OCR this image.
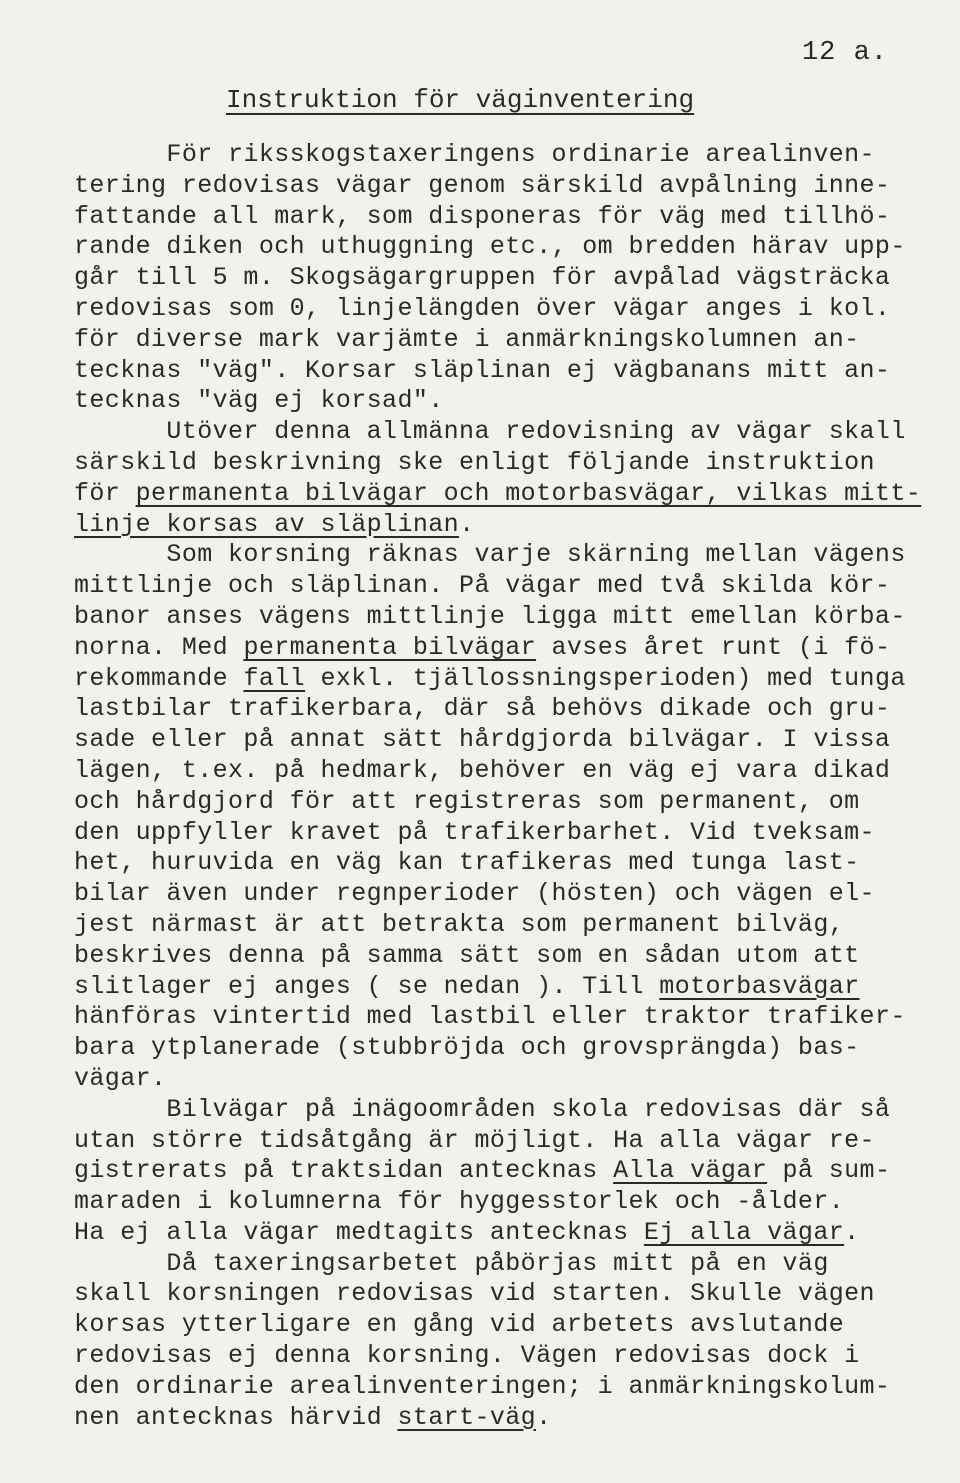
12 a.
Instruktion för väginventering
För riksskogstaxeringens ordinarie arealinven-
tering redovisas vägar genom särskild avpålning inne-
fattande all mark, som disponeras för väg med tillhö-
rande diken och uthuggning etc., om bredden härav upp-
går till 5 m. Skogsägargruppen för avpålad vägsträcka
redovisas som 0, linjelängden över vägar anges i kol.
för diverse mark varjämte i anmärkningskolumnen an-
tecknas "väg". Korsar släplinan ej vägbanans mitt an-
tecknas "väg ej korsad".
Utöver denna allmänna redovisning av vägar skall
särskild beskrivning ske enligt följande instruktion
för permanenta bilvägar och motorbasvägar, vilkas mitt-
linje korsas av släplinan.
Som korsning räknas varje skärning mellan vägens
mittlinje och släplinan. På vägar med två skilda kör-
banor anses vägens mittlinje ligga mitt emellan körba-
norna. Med permanenta bilvägar avses året runt (i fö-
rekommande fall exkl. tjällossningsperioden) med tunga
lastbilar trafikerbara, där så behövs dikade och gru-
sade eller på annat sätt hårdgjorda bilvägar. I vissa
lägen, t.ex. på hedmark, behöver en väg ej vara dikad
och hårdgjord för att registreras som permanent, om
den uppfyller kravet på trafikerbarhet. Vid tveksam-
het, huruvida en väg kan trafikeras med tunga last-
bilar även under regnperioder (hösten) och vägen el-
jest närmast är att betrakta som permanent bilväg,
beskrives denna på samma sätt som en sådan utom att
slitlager ej anges ( se nedan ). Till motorbasvägar
hänföras vintertid med lastbil eller traktor trafiker-
bara ytplanerade (stubbröjda och grovsprängda) bas-
vägar.
Bilvägar på inägoområden skola redovisas där så
utan större tidsåtgång är möjligt. Ha alla vägar re-
gistrerats på traktsidan antecknas Alla vägar på sum-
maraden i kolumnerna för hyggesstorlek och -ålder.
Ha ej alla vägar medtagits antecknas Ej alla vägar.
Då taxeringsarbetet påbörjas mitt på en väg
skall korsningen redovisas vid starten. Skulle vägen
korsas ytterligare en gång vid arbetets avslutande
redovisas ej denna korsning. Vägen redovisas dock i
den ordinarie arealinventeringen; i anmärkningskolum-
nen antecknas härvid start-väg.
